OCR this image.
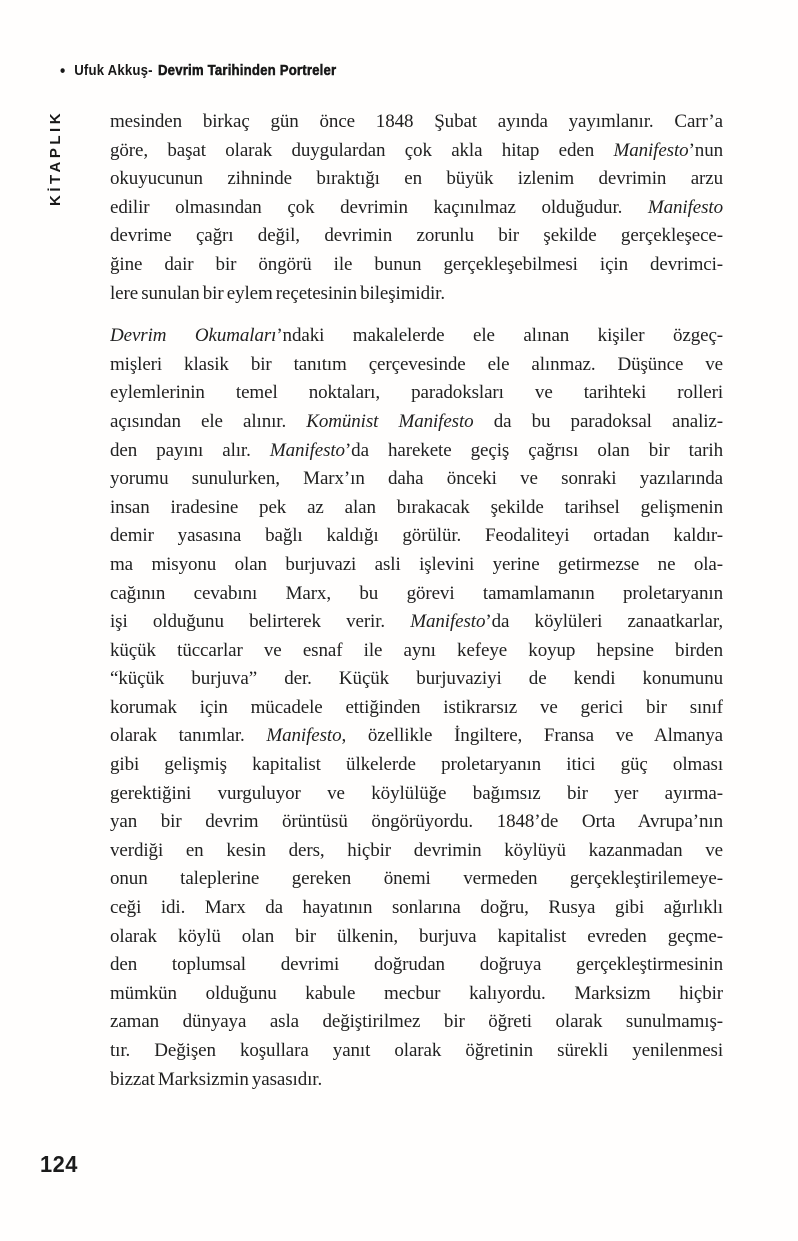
• Ufuk Akkuş- Devrim Tarihinden Portreler
KİTAPLIK mesinden birkaç gün önce 1848 Şubat ayında yayımlanır. Carr’a
göre, başat olarak duygulardan çok akla hitap eden Manifesto’nun
okuyucunun zihninde bıraktığı en büyük izlenim devrimin arzu
edilir olmasından çok devrimin kaçınılmaz olduğudur. Manifesto
devrime çağrı değil, devrimin zorunlu bir şekilde gerçekleşece-
ğine dair bir öngörü ile bunun gerçekleşebilmesi için devrimci-
lere sunulan bir eylem reçetesinin bileşimidir.
Devrim Okumaları’ndaki makalelerde ele alınan kişiler özgeç-
mişleri klasik bir tanıtım çerçevesinde ele alınmaz. Düşünce ve
eylemlerinin temel noktaları, paradoksları ve tarihteki rolleri
açısından ele alınır. Komünist Manifesto da bu paradoksal analiz-
den payını alır. Manifesto’da harekete geçiş çağrısı olan bir tarih
yorumu sunulurken, Marx’ın daha önceki ve sonraki yazılarında
insan iradesine pek az alan bırakacak şekilde tarihsel gelişmenin
demir yasasına bağlı kaldığı görülür. Feodaliteyi ortadan kaldır-
ma misyonu olan burjuvazi asli işlevini yerine getirmezse ne ola-
cağının cevabını Marx, bu görevi tamamlamanın proletaryanın
işi olduğunu belirterek verir. Manifesto’da köylüleri zanaatkarlar,
küçük tüccarlar ve esnaf ile aynı kefeye koyup hepsine birden
“küçük burjuva” der. Küçük burjuvaziyi de kendi konumunu
korumak için mücadele ettiğinden istikrarsız ve gerici bir sınıf
olarak tanımlar. Manifesto, özellikle İngiltere, Fransa ve Almanya
gibi gelişmiş kapitalist ülkelerde proletaryanın itici güç olması
gerektiğini vurguluyor ve köylülüğe bağımsız bir yer ayırma-
yan bir devrim örüntüsü öngörüyordu. 1848’de Orta Avrupa’nın
verdiği en kesin ders, hiçbir devrimin köylüyü kazanmadan ve
onun taleplerine gereken önemi vermeden gerçekleştirilemeye-
ceği idi. Marx da hayatının sonlarına doğru, Rusya gibi ağırlıklı
olarak köylü olan bir ülkenin, burjuva kapitalist evreden geçme-
den toplumsal devrimi doğrudan doğruya gerçekleştirmesinin
mümkün olduğunu kabule mecbur kalıyordu. Marksizm hiçbir
zaman dünyaya asla değiştirilmez bir öğreti olarak sunulmamış-
tır. Değişen koşullara yanıt olarak öğretinin sürekli yenilenmesi
bizzat Marksizmin yasasıdır.
124
